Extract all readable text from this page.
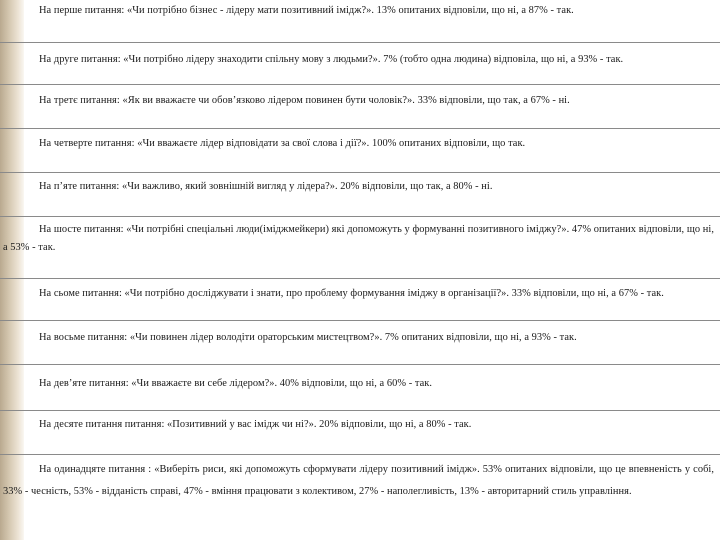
На перше питання: «Чи потрібно бізнес - лідеру мати позитивний імідж?». 13% опитаних відповіли, що ні, а 87% - так.
На друге питання: «Чи потрібно лідеру знаходити спільну мову з людьми?». 7% (тобто одна людина) відповіла, що ні, а 93% - так.
На третє питання: «Як ви вважаєте чи обов’язково лідером повинен бути чоловік?». 33% відповіли, що так, а 67% - ні.
На четверте питання: «Чи вважаєте лідер відповідати за свої слова і дії?». 100% опитаних відповіли, що так.
На п’яте питання: «Чи важливо, який зовнішній вигляд у лідера?». 20% відповіли, що так, а 80% - ні.
На шосте питання: «Чи потрібні спеціальні люди(іміджмейкери) які допоможуть у формуванні позитивного іміджу?». 47% опитаних відповіли, що ні, а 53% - так.
На сьоме питання: «Чи потрібно досліджувати і знати, про проблему формування іміджу в організації?». 33% відповіли, що ні, а 67% - так.
На восьме питання: «Чи повинен лідер володіти ораторським мистецтвом?». 7% опитаних відповіли, що ні, а 93% - так.
На дев’яте питання: «Чи вважаєте ви себе лідером?». 40% відповіли, що ні, а 60% - так.
На десяте питання питання: «Позитивний у вас імідж чи ні?». 20% відповіли, що ні, а 80% - так.
На одинадцяте питання : «Виберіть риси, які допоможуть сформувати лідеру позитивний імідж». 53% опитаних відповіли, що це впевненість у собі, 33% - чесність, 53% - відданість справі, 47% - вміння працювати з колективом, 27% - наполегливість, 13% - авторитарний стиль управління.
